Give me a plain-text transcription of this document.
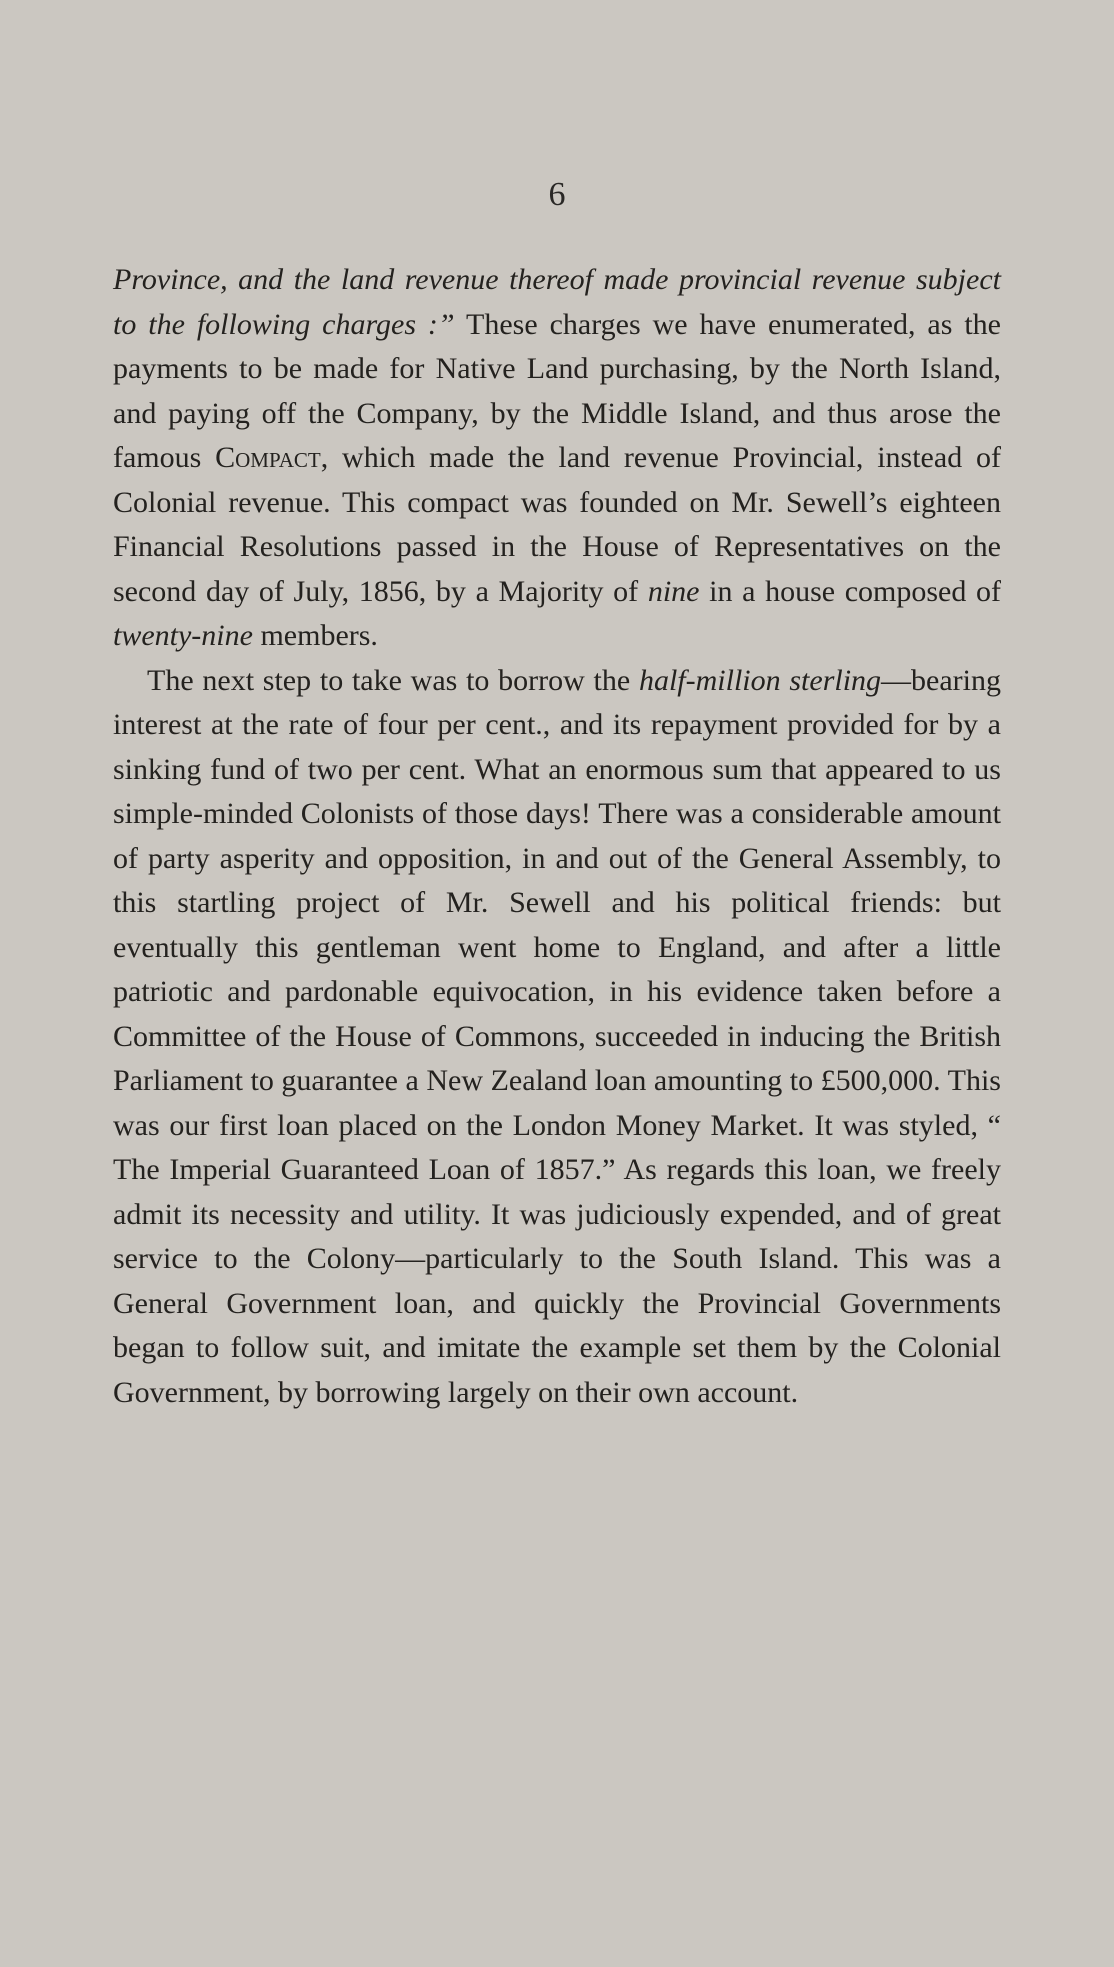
6

Province, and the land revenue thereof made provincial revenue subject to the following charges :” These charges we have enumerated, as the payments to be made for Native Land purchasing, by the North Island, and paying off the Company, by the Middle Island, and thus arose the famous Compact, which made the land revenue Provincial, instead of Colonial revenue. This compact was founded on Mr. Sewell’s eighteen Financial Resolutions passed in the House of Representatives on the second day of July, 1856, by a Majority of nine in a house composed of twenty-nine members.

The next step to take was to borrow the half-million sterling—bearing interest at the rate of four per cent., and its repayment provided for by a sinking fund of two per cent. What an enormous sum that appeared to us simple-minded Colonists of those days! There was a considerable amount of party asperity and opposition, in and out of the General Assembly, to this startling project of Mr. Sewell and his political friends: but eventually this gentleman went home to England, and after a little patriotic and pardonable equivocation, in his evidence taken before a Committee of the House of Commons, succeeded in inducing the British Parliament to guarantee a New Zealand loan amounting to £500,000. This was our first loan placed on the London Money Market. It was styled, “ The Imperial Guaranteed Loan of 1857.” As regards this loan, we freely admit its necessity and utility. It was judiciously expended, and of great service to the Colony—particularly to the South Island. This was a General Government loan, and quickly the Provincial Governments began to follow suit, and imitate the example set them by the Colonial Government, by borrowing largely on their own account.
